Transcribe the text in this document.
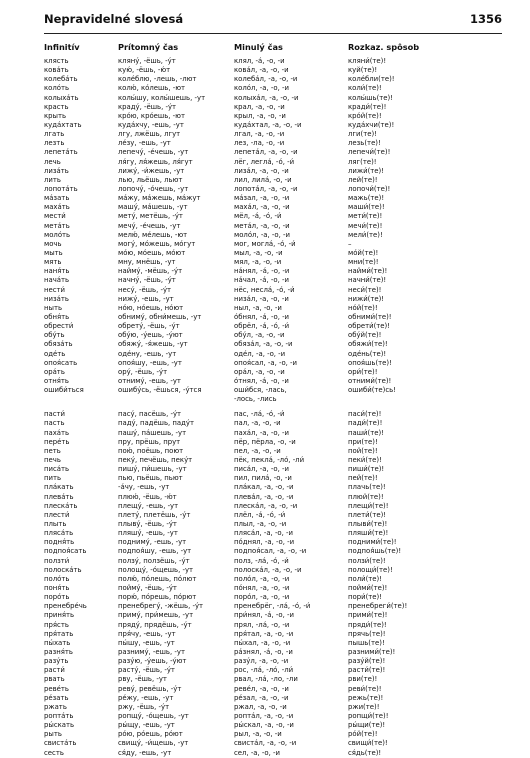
Nepravidelné slovesá	1356
Infinitív	Prítomný čas	Minulý čas	Rozkaz. spôsob
клясть	кляну́, -ёшь, -у́т	клял, -á, -о, -и	кляни́(те)!
кова́ть	кую́, -ёшь, -ю́т	ковáл, -а, -о, -и	куй(те)!
колеба́ть	колéблю, -лешь, -лют	колебáл, -а, -о, -и	колéбли(те)!
коло́ть	колю́, кóлешь, -ют	колóл, -а, -о, -и	коли́(те)!
колыха́ть	колы́шу, колы́шешь, -ут	колыхáл, -а, -о, -и	колы́шь(те)!
красть	краду́, -ёшь, -у́т	крал, -а, -о, -и	кради́(те)!
крыть	крóю, крóешь, -ют	крыл, -а, -о, -и	крóй(те)!
куда́хтать	кудáхчу, -ешь, -ут	кудáхтал, -а, -о, -и	кудáхчи(те)!
лгать	лгу, лжёшь, лгут	лгал, -а, -о, -и	лги(те)!
лезть	лéзу, -ешь, -ут	лез, -ла, -о, -и	лезь(те)!
лепета́ть	лепечу́, -éчешь, -ут	лепетáл, -а, -о, -и	лепечи́(те)!
лечь	ля́гу, ля́жешь, ля́гут	лёг, леглá, -ó, -и́	ляг(те)!
лиза́ть	лижу́, -и́жешь, -ут	лизáл, -а, -о, -и	лижи́(те)!
лить	лью, льёшь, льют	лил, лилá, -о, -и	лей(те)!
лопота́ть	лопочу́, -óчешь, -ут	лопотáл, -а, -о, -и	лопочи́(те)!
ма́зать	мáжу, мáжешь, мáжут	мáзал, -а, -о, -и	мажь(те)!
маха́ть	машу́, мáшешь, -ут	махáл, -а, -о, -и	маши́(те)!
мести́	мету́, метёшь, -у́т	мёл, -á, -ó, -и́	мети́(те)!
мета́ть	мечу́, -éчешь, -ут	метáл, -а, -о, -и	мечи́(те)!
моло́ть	мелю́, мéлешь, -ют	молóл, -а, -о, -и	мели́(те)!
мочь	могу́, мóжешь, мóгут	мог, моглá, -ó, -и́	–
мыть	мóю, мóешь, мóют	мыл, -а, -о, -и	мóй(те)!
мять	мну, мнёшь, -ут	мял, -а, -о, -и	мни(те)!
наня́ть	найму́, -мёшь, -у́т	нáнял, -á, -о, -и	найми́(те)!
нача́ть	начну́, -ёшь, -у́т	нáчал, -á, -о, -и	начни́(те)!
нести́	несу́, -ёшь, -у́т	нёс, неслá, -ó, -и́	неси́(те)!
низа́ть	нижу́, -ешь, -ут	низáл, -а, -о, -и	нижи́(те)!
ныть	нóю, нóешь, нóют	ныл, -а, -о, -и	нóй(те)!
обня́ть	обниму́, обни́мешь, -ут	óбнял, -á, -о, -и	обними́(те)!
обрести́	обрету́, -ёшь, -у́т	обрёл, -á, -ó, -и́	обрети́(те)!
обу́ть	обу́ю, -у́ешь, -у́ют	обу́л, -а, -о, -и	обу́й(те)!
обяза́ть	обяжу́, -я́жешь, -ут	обязáл, -а, -о, -и	обяжи́(те)!
оде́ть	одéну, -ешь, -ут	одéл, -а, -о, -и	одéнь(те)!
опоя́сать	опоя́шу, -ешь, -ут	опоя́сал, -а, -о, -и	опоя́шь(те)!
ора́ть	ору́, -ёшь, -у́т	орáл, -а, -о, -и	ори́(те)!
отня́ть	отниму́, -ешь, -ут	óтнял, -á, -о, -и	отними́(те)!
ошиби́ться	ошибу́сь, -ёшься, -у́тся	оши́бся, -лась,	ошиби́(те)сь!
-лось, -лись
пасти́	пасу́, пасёшь, -у́т	пас, -ла́, -ó, -и́	паси́(те)!
пасть	паду́, падёшь, паду́т	пал, -а, -о, -и	пади́(те)!
паха́ть	пашу́, пáшешь, -ут	пахáл, -а, -о, -и	паши́(те)!
пере́ть	пру, прёшь, прут	пёр, пёрла, -о, -и	при(те)!
петь	пою́, поёшь, поют	пел, -а, -о, -и	пой(те)!
печь	пеку́, печёшь, пеку́т	пёк, пеклá, -ло́, -ли́	пеки́(те)!
писа́ть	пишу́, пи́шешь, -ут	писáл, -а, -о, -и	пиши́(те)!
пить	пью, пьёшь, пьют	пил, пилá, -о, -и	пей(те)!
пла́кать	-áчу, -ешь, -ут	плáкал, -а, -о, -и	плачь(те)!
плева́ть	плюю́, -ёшь, -ю́т	плевáл, -а, -о, -и	плюй(те)!
плеска́ть	плещу́, -ешь, -ут	плескáл, -а, -о, -и	плещи́(те)!
плести́	плету́, плетёшь, -у́т	плёл, -á, -ó, -и́	плети́(те)!
плыть	плыву́, -ёшь, -у́т	плыл, -а, -о, -и	плыви́(те)!
пляса́ть	пляшу́, -ешь, -ут	плясáл, -а, -о, -и	пляши́(те)!
подня́ть	подниму́, -ешь, -ут	пóднял, -а, -о, -и	подними́(те)!
подпоя́сать	подпоя́шу, -ешь, -ут	подпоя́сал, -а, -о, -и	подпоя́шь(те)!
ползти́	ползу́, ползёшь, -у́т	полз, -ла́, -ó, -и́	ползи́(те)!
полоска́ть	полощу́, -óщешь, -ут	полоскáл, -а, -о, -и	полощи́(те)!
поло́ть	полю́, пóлешь, пóлют	полóл, -а, -о, -и	поли́(те)!
поня́ть	пойму́, -ёшь, -у́т	пóнял, -а, -о, -и	пойми́(те)!
поро́ть	порю́, пóрешь, пóрют	порóл, -а, -о, -и	пори́(те)!
пренебре́чь	пренебрегу́, -жёшь, -у́т	пренебрёг, -лá, -ó, -и́	пренебреги́(те)!
приня́ть	приму́, при́мешь, -ут	при́нял, -á, -о, -и	прими́(те)!
пря́сть	пряду́, прядёшь, -у́т	прял, -лá, -о, -и	пряди́(те)!
пря́тать	пря́чу, -ешь, -ут	пря́тал, -а, -о, -и	прячь(те)!
пы́хать	пы́шу, -ешь, -ут	пы́хал, -а, -о, -и	пышь(те)!
разня́ть	разниму́, -ешь, -ут	рáзнял, -á, -о, -и	разними́(те)!
разу́ть	разу́ю, -у́ешь, -у́ют	разу́л, -а, -о, -и	разу́й(те)!
расти́	расту́, -ёшь, -у́т	рос, -лá, -ло́, -ли́	расти́(те)!
рвать	рву, -ёшь, -ут	рвал, -лá, -ло, -ли	рви(те)!
реве́ть	реву́, ревёшь, -у́т	ревéл, -а, -о, -и	реви́(те)!
ре́зать	рéжу, -ешь, -ут	рéзал, -а, -о, -и	режь(те)!
ржать	ржу, -ёшь, -у́т	ржал, -а, -о, -и	ржи(те)!
ропта́ть	ропщу́, -óщешь, -ут	роптáл, -а, -о, -и	ропщи́(те)!
ры́скать	ры́щу, -ешь, -ут	ры́скал, -а, -о, -и	ры́щи(те)!
рыть	рóю, рóешь, рóют	рыл, -а, -о, -и	рóй(те)!
свиста́ть	свищу́, -и́щешь, -ут	свистáл, -а, -о, -и	свищи́(те)!
сесть	ся́ду, -ешь, -ут	сел, -а, -о, -и	ся́дь(те)!
